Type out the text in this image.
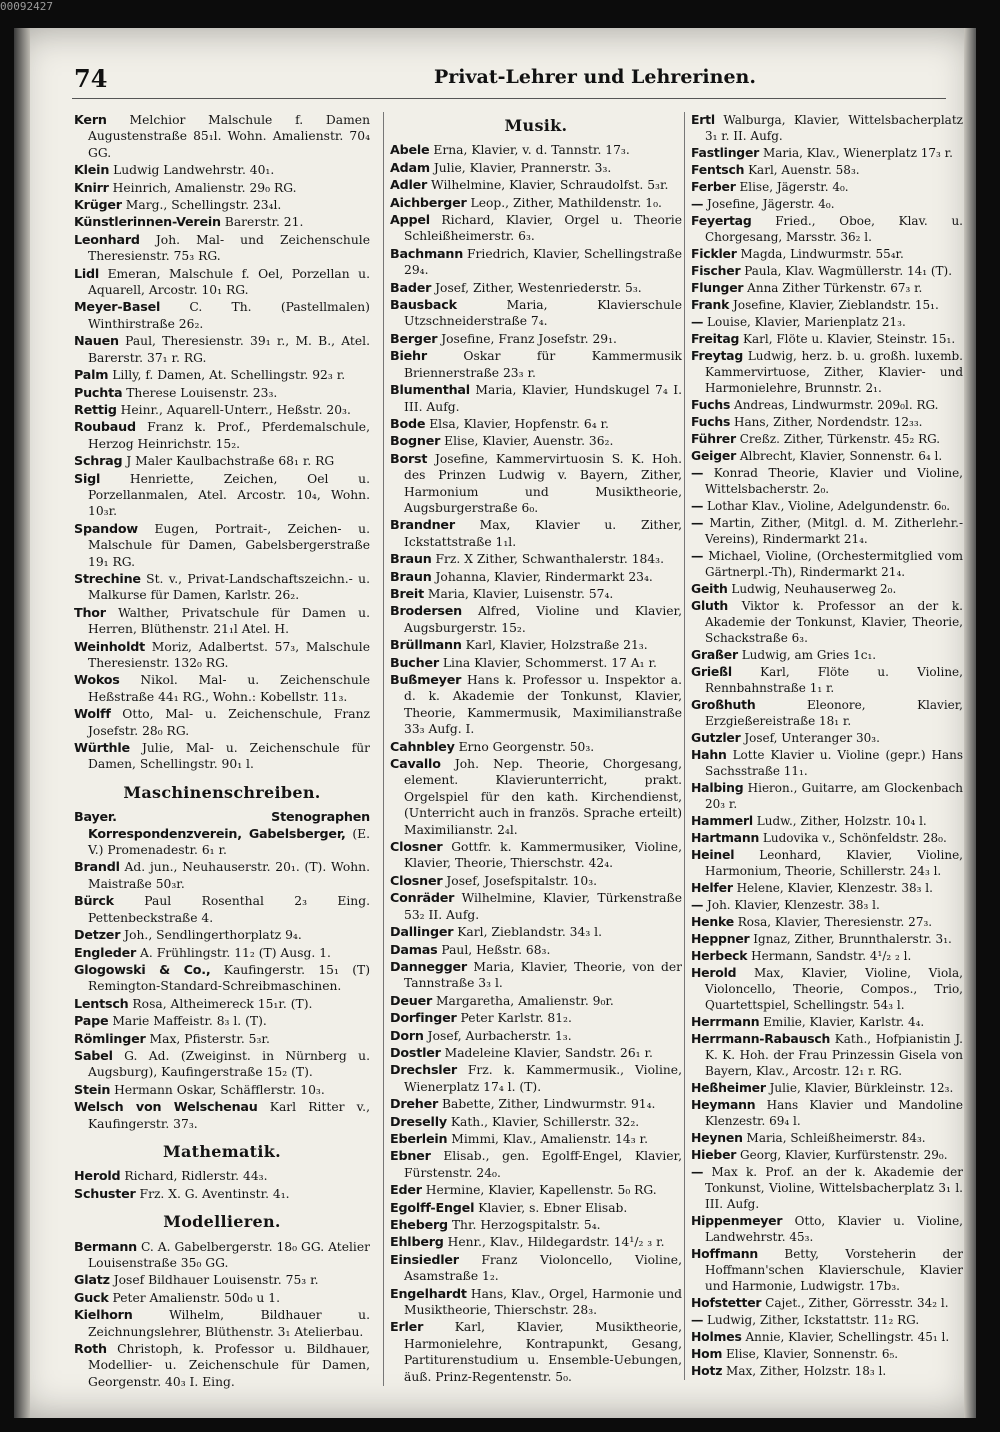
00092427
74	Privat-Lehrer und Lehrerinen.
Kern Melchior Malschule f. Damen Augustenstraße 85₁l. Wohn. Amalienstr. 70₄ GG.
Klein Ludwig Landwehrstr. 40₁.
Knirr Heinrich, Amalienstr. 29₀ RG.
Krüger Marg., Schellingstr. 23₄l.
Künstlerinnen-Verein Barerstr. 21.
Leonhard Joh. Mal- und Zeichenschule Theresienstr. 75₃ RG.
Lidl Emeran, Malschule f. Oel, Porzellan u. Aquarell, Arcostr. 10₁ RG.
Meyer-Basel C. Th. (Pastellmalen) Winthirstraße 26₂.
Nauen Paul, Theresienstr. 39₁ r., M. B., Atel. Barerstr. 37₁ r. RG.
Palm Lilly, f. Damen, At. Schellingstr. 92₃ r.
Puchta Therese Louisenstr. 23₃.
Rettig Heinr., Aquarell-Unterr., Heßstr. 20₃.
Roubaud Franz k. Prof., Pferdemalschule, Herzog Heinrichstr. 15₂.
Schrag J Maler Kaulbachstraße 68₁ r. RG
Sigl Henriette, Zeichen, Oel u. Porzellanmalen, Atel. Arcostr. 10₄, Wohn. 10₃r.
Spandow Eugen, Portrait-, Zeichen- u. Malschule für Damen, Gabelsbergerstraße 19₁ RG.
Strechine St. v., Privat-Landschaftszeichn.- u. Malkurse für Damen, Karlstr. 26₂.
Thor Walther, Privatschule für Damen u. Herren, Blüthenstr. 21₁l Atel. H.
Weinholdt Moriz, Adalbertst. 57₃, Malschule Theresienstr. 132₀ RG.
Wokos Nikol. Mal- u. Zeichenschule Heßstraße 44₁ RG., Wohn.: Kobellstr. 11₃.
Wolff Otto, Mal- u. Zeichenschule, Franz Josefstr. 28₀ RG.
Würthle Julie, Mal- u. Zeichenschule für Damen, Schellingstr. 90₁ l.
Maschinenschreiben.
Bayer. Stenographen Korrespondenzverein, Gabelsberger, (E. V.) Promenadestr. 6₁ r.
Brandl Ad. jun., Neuhauserstr. 20₁. (T). Wohn. Maistraße 50₃r.
Bürck Paul Rosenthal 2₃ Eing. Pettenbeckstraße 4.
Detzer Joh., Sendlingerthorplatz 9₄.
Engleder A. Frühlingstr. 11₂ (T) Ausg. 1.
Glogowski & Co., Kaufingerstr. 15₁ (T) Remington-Standard-Schreibmaschinen.
Lentsch Rosa, Altheimereck 15₁r. (T).
Pape Marie Maffeistr. 8₃ l. (T).
Römlinger Max, Pfisterstr. 5₃r.
Sabel G. Ad. (Zweiginst. in Nürnberg u. Augsburg), Kaufingerstraße 15₂ (T).
Stein Hermann Oskar, Schäfflerstr. 10₃.
Welsch von Welschenau Karl Ritter v., Kaufingerstr. 37₃.
Mathematik.
Herold Richard, Ridlerstr. 44₃.
Schuster Frz. X. G. Aventinstr. 4₁.
Modellieren.
Bermann C. A. Gabelbergerstr. 18₀ GG. Atelier Louisenstraße 35₀ GG.
Glatz Josef Bildhauer Louisenstr. 75₃ r.
Guck Peter Amalienstr. 50d₀ u 1.
Kielhorn	Wilhelm, Bildhauer u. Zeichnungslehrer, Blüthenstr. 3₁ Atelierbau.
Roth Christoph, k. Professor u. Bildhauer, Modellier- u. Zeichenschule für Damen, Georgenstr. 40₃ I. Eing.
Musik.
Abele Erna, Klavier, v. d. Tannstr. 17₃.
Adam Julie, Klavier, Prannerstr. 3₃.
Adler Wilhelmine, Klavier, Schraudolfst. 5₃r.
Aichberger Leop., Zither, Mathildenstr. 1₀.
Appel Richard, Klavier, Orgel u. Theorie Schleißheimerstr. 6₃.
Bachmann Friedrich, Klavier, Schellingstraße 29₄.
Bader Josef, Zither, Westenriederstr. 5₃.
Bausback	Maria, Klavierschule Utzschneiderstraße 7₄.
Berger Josefine, Franz Josefstr. 29₁.
Biehr	Oskar für Kammermusik Briennerstraße 23₃ r.
Blumenthal Maria, Klavier, Hundskugel 7₄ I. III. Aufg.
Bode Elsa, Klavier, Hopfenstr. 6₄ r.
Bogner Elise, Klavier, Auenstr. 36₂.
Borst Josefine, Kammervirtuosin S. K. Hoh. des Prinzen Ludwig v. Bayern, Zither, Harmonium und Musiktheorie, Augsburgerstraße 6₀.
Brandner Max, Klavier u. Zither, Ickstattstraße 1₁l.
Braun Frz. X Zither, Schwanthalerstr. 184₃.
Braun Johanna, Klavier, Rindermarkt 23₄.
Breit Maria, Klavier, Luisenstr. 57₄.
Brodersen Alfred, Violine und Klavier, Augsburgerstr. 15₂.
Brüllmann Karl, Klavier, Holzstraße 21₃.
Bucher Lina Klavier, Schommerst. 17 A₁ r.
Bußmeyer Hans k. Professor u. Inspektor a. d. k. Akademie der Tonkunst, Klavier, Theorie, Kammermusik, Maximilianstraße 33₃ Aufg. I.
Cahnbley Erno Georgenstr. 50₃.
Cavallo Joh. Nep. Theorie, Chorgesang, element. Klavierunterricht, prakt. Orgelspiel für den kath. Kirchendienst, (Unterricht auch in französ. Sprache erteilt) Maximilianstr. 2₄l.
Closner Gottfr. k. Kammermusiker, Violine, Klavier, Theorie, Thierschstr. 42₄.
Closner Josef, Josefspitalstr. 10₃.
Conräder Wilhelmine, Klavier, Türkenstraße 53₂ II. Aufg.
Dallinger Karl, Zieblandstr. 34₃ l.
Damas Paul, Heßstr. 68₃.
Dannegger Maria, Klavier, Theorie, von der Tannstraße 3₃ l.
Deuer Margaretha, Amalienstr. 9₀r.
Dorfinger Peter Karlstr. 81₂.
Dorn Josef, Aurbacherstr. 1₃.
Dostler Madeleine Klavier, Sandstr. 26₁ r.
Drechsler Frz. k. Kammermusik., Violine, Wienerplatz 17₄ l. (T).
Dreher Babette, Zither, Lindwurmstr. 91₄.
Dreselly Kath., Klavier, Schillerstr. 32₂.
Eberlein Mimmi, Klav., Amalienstr. 14₃ r.
Ebner Elisab., gen. Egolff-Engel, Klavier, Fürstenstr. 24₀.
Eder Hermine, Klavier, Kapellenstr. 5₀ RG.
Egolff-Engel Klavier, s. Ebner Elisab.
Eheberg Thr. Herzogspitalstr. 5₄.
Ehlberg Henr., Klav., Hildegardstr. 14¹/₂ ₃ r.
Einsiedler Franz Violoncello, Violine, Asamstraße 1₂.
Engelhardt Hans, Klav., Orgel, Harmonie und Musiktheorie, Thierschstr. 28₃.
Erler	Karl, Klavier, Musiktheorie, Harmonielehre, Kontrapunkt, Gesang, Partiturenstudium u. Ensemble-Uebungen, äuß. Prinz-Regentenstr. 5₀.
Ertl Walburga, Klavier, Wittelsbacherplatz 3₁ r. II. Aufg.
Fastlinger Maria, Klav., Wienerplatz 17₃ r.
Fentsch Karl, Auenstr. 58₃.
Ferber Elise, Jägerstr. 4₀.
— Josefine, Jägerstr. 4₀.
Feyertag Fried., Oboe, Klav. u. Chorgesang, Marsstr. 36₂ l.
Fickler Magda, Lindwurmstr. 55₄r.
Fischer Paula, Klav. Wagmüllerstr. 14₁ (T).
Flunger Anna Zither Türkenstr. 67₃ r.
Frank Josefine, Klavier, Zieblandstr. 15₁.
— Louise, Klavier, Marienplatz 21₃.
Freitag Karl, Flöte u. Klavier, Steinstr. 15₁.
Freytag Ludwig, herz. b. u. großh. luxemb. Kammervirtuose, Zither, Klavier- und Harmonielehre, Brunnstr. 2₁.
Fuchs Andreas, Lindwurmstr. 209₀l. RG.
Fuchs Hans, Zither, Nordendstr. 12₃₃.
Führer Creßz. Zither, Türkenstr. 45₂ RG.
Geiger Albrecht, Klavier, Sonnenstr. 6₄ l.
— Konrad Theorie, Klavier und Violine, Wittelsbacherstr. 2₀.
— Lothar Klav., Violine, Adelgundenstr. 6₀.
— Martin, Zither, (Mitgl. d. M. Zitherlehr.-Vereins), Rindermarkt 21₄.
— Michael, Violine, (Orchestermitglied vom Gärtnerpl.-Th), Rindermarkt 21₄.
Geith Ludwig, Neuhauserweg 2₀.
Gluth Viktor k. Professor an der k. Akademie der Tonkunst, Klavier, Theorie, Schackstraße 6₃.
Graßer Ludwig, am Gries 1c₁.
Grießl Karl, Flöte u. Violine, Rennbahnstraße 1₁ r.
Großhuth	Eleonore, Klavier, Erzgießereistraße 18₁ r.
Gutzler Josef, Unteranger 30₃.
Hahn Lotte Klavier u. Violine (gepr.) Hans Sachsstraße 11₁.
Halbing Hieron., Guitarre, am Glockenbach 20₃ r.
Hammerl Ludw., Zither, Holzstr. 10₄ l.
Hartmann Ludovika v., Schönfeldstr. 28₀.
Heinel Leonhard, Klavier, Violine, Harmonium, Theorie, Schillerstr. 24₃ l.
Helfer Helene, Klavier, Klenzestr. 38₃ l.
— Joh. Klavier, Klenzestr. 38₃ l.
Henke Rosa, Klavier, Theresienstr. 27₃.
Heppner Ignaz, Zither, Brunnthalerstr. 3₁.
Herbeck Hermann, Sandstr. 4¹/₂ ₂ l.
Herold Max, Klavier, Violine, Viola, Violoncello, Theorie, Compos., Trio, Quartettspiel, Schellingstr. 54₃ l.
Herrmann Emilie, Klavier, Karlstr. 4₄.
Herrmann-Rabausch Kath., Hofpianistin J. K. K. Hoh. der Frau Prinzessin Gisela von Bayern, Klav., Arcostr. 12₁ r. RG.
Heßheimer Julie, Klavier, Bürkleinstr. 12₃.
Heymann Hans Klavier und Mandoline Klenzestr. 69₄ l.
Heynen Maria, Schleißheimerstr. 84₃.
Hieber Georg, Klavier, Kurfürstenstr. 29₀.
— Max k. Prof. an der k. Akademie der Tonkunst, Violine, Wittelsbacherplatz 3₁ l. III. Aufg.
Hippenmeyer Otto, Klavier u. Violine, Landwehrstr. 45₃.
Hoffmann Betty, Vorsteherin der Hoffmann'schen Klavierschule, Klavier und Harmonie, Ludwigstr. 17b₃.
Hofstetter Cajet., Zither, Görresstr. 34₂ l.
— Ludwig, Zither, Ickstattstr. 11₂ RG.
Holmes Annie, Klavier, Schellingstr. 45₁ l.
Hom Elise, Klavier, Sonnenstr. 6₅.
Hotz Max, Zither, Holzstr. 18₃ l.
